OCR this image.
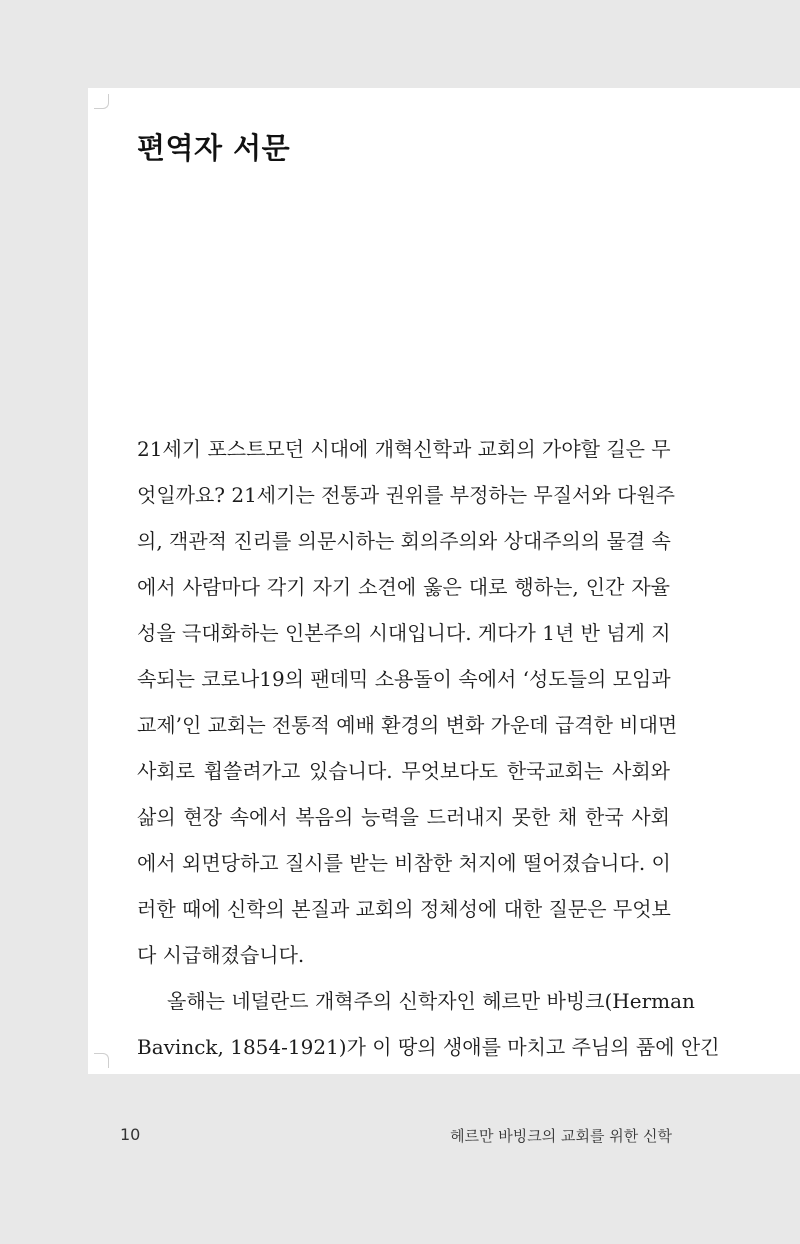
편역자 서문
21세기 포스트모던 시대에 개혁신학과 교회의 가야할 길은 무
엇일까요? 21세기는 전통과 권위를 부정하는 무질서와 다원주
의, 객관적 진리를 의문시하는 회의주의와 상대주의의 물결 속
에서 사람마다 각기 자기 소견에 옳은 대로 행하는, 인간 자율
성을 극대화하는 인본주의 시대입니다. 게다가 1년 반 넘게 지
속되는 코로나19의 팬데믹 소용돌이 속에서 ‘성도들의 모임과
교제’인 교회는 전통적 예배 환경의 변화 가운데 급격한 비대면
사회로 휩쓸려가고 있습니다. 무엇보다도 한국교회는 사회와
삶의 현장 속에서 복음의 능력을 드러내지 못한 채 한국 사회
에서 외면당하고 질시를 받는 비참한 처지에 떨어졌습니다. 이
러한 때에 신학의 본질과 교회의 정체성에 대한 질문은 무엇보
다 시급해졌습니다.
올해는 네덜란드 개혁주의 신학자인 헤르만 바빙크(Herman
Bavinck, 1854-1921)가 이 땅의 생애를 마치고 주님의 품에 안긴
10	헤르만 바빙크의 교회를 위한 신학
